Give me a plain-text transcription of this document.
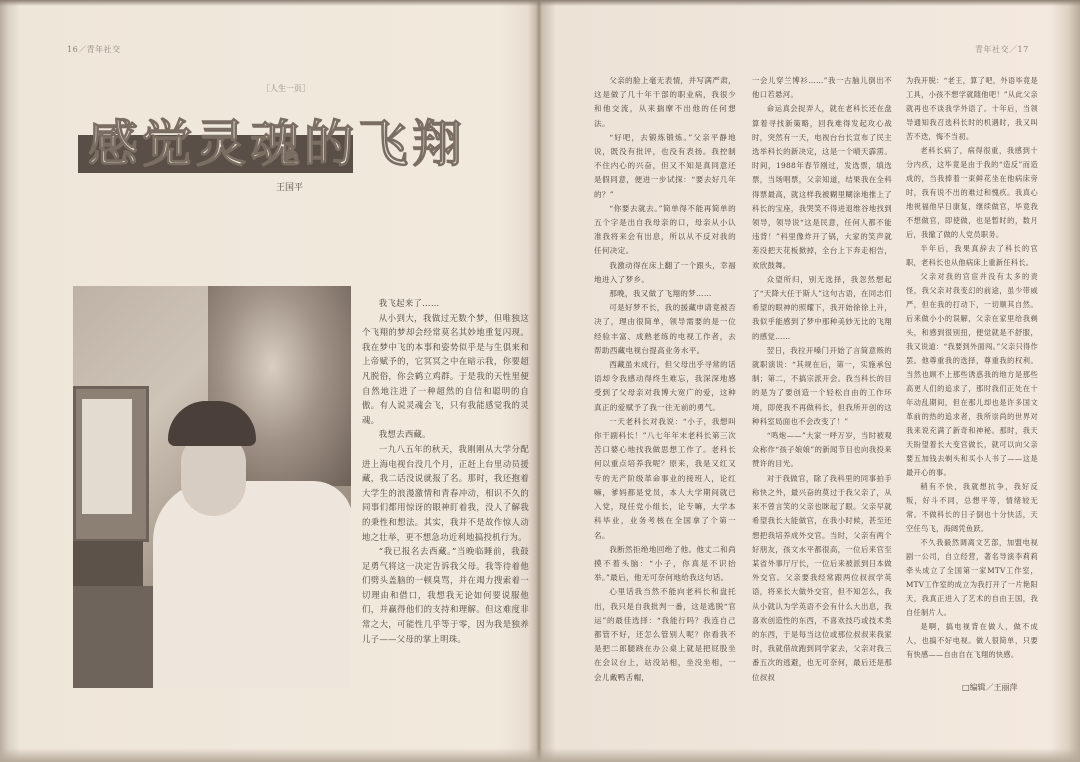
16／青年社交
［人生一页］
感觉灵魂的飞翔
王国平

我飞起来了……

从小到大，我做过无数个梦，但唯独这个飞翔的梦却会经常莫名其妙地重复闪现。我在梦中飞的本事和姿势似乎是与生俱来和上帝赋予的，它冥冥之中在暗示我，你要超凡脱俗，你会鹤立鸡群。于是我的天性里便自然地注进了一种超然的自信和聪明的自傲。有人说灵魂会飞，只有我能感觉我的灵魂。

我想去西藏。

一九八五年的秋天，我刚刚从大学分配进上海电视台没几个月，正赶上台里动员援藏，我二话没说就报了名。那时，我还抱着大学生的浪漫激情和青春冲动，相识不久的同事们都用惊讶的眼神盯着我，没人了解我的秉性和想法。其实，我并不是故作惊人动地之壮举，更不想急功近利地搞投机行为。

“我已报名去西藏。”当晚临睡前，我鼓足勇气将这一决定告诉我父母。我等待着他们劈头盖脑的一顿臭骂，并在竭力搜索着一切理由和借口，我想我无论如何要说服他们，并赢得他们的支持和理解。但这难度非常之大，可能性几乎等于零，因为我是独养儿子——父母的掌上明珠。

青年社交／17

父亲的脸上毫无表情，并写满严肃，这是做了几十年干部的职业病，我很少和他交流，从来揣摩不出他的任何想法。

“好吧，去锻炼锻炼。”父亲平静地说，既没有批评，也没有表扬。我控制不住内心的兴奋，但又不知是真同意还是假同意，便进一步试探：“要去好几年的？”

“你要去就去。”简单得不能再简单的五个字是出自我母亲的口，母亲从小认准我将来会有出息，所以从不反对我的任何决定。

我激动得在床上翻了一个跟头，幸福地进入了梦乡。

那晚，我又做了飞翔的梦……

可是好梦不长，我的援藏申请竟被否决了，理由很简单，领导需要的是一位经验丰富、成熟老练的电视工作者，去帮助西藏电视台提高业务水平。

西藏虽未成行，但父母出乎寻常的话语却令我感动得终生难忘，我深深地感受到了父母亲对我博大宽广的爱，这种真正的爱赋予了我一往无前的勇气。

一天老科长对我说：“小子，我想叫你干副科长！”八七年年末老科长第三次苦口婆心地找我做思想工作了。老科长何以重点培养我呢？原来，我是又红又专的无产阶级革命事业的接班人，论红嘛，爹妈都是党员，本人大学期间就已入党，现任党小组长，论专嘛，大学本科毕业，业务考核在全国拿了个第一名。

我断然拒绝地回绝了他。他丈二和尚摸不着头脑：“小子，你真是不识抬举。”最后，他无可奈何地给我这句话。

心里话我当然不能向老科长和盘托出，我只是自我批判一番，这是逃脱“官运”的最佳选择：“我能行吗？我连自己都管不好，还怎么管别人呢？你看我不是把二郎腿跷在办公桌上就是把屁股坐在会议台上，站没站相，坐没坐相，一会儿戴鸭舌帽，

一会儿穿兰博衫……”我一古脑儿倒出不他口若悬河。

命运真会捉弄人，就在老科长还在盘算着寻找新策略，回我难得发起攻心战时，突然有一天，电视台台长宣布了民主选举科长的新决定，这是一个晴天霹雳。时间，1988年春节刚过，发选票，填选票，当场唱票，父亲知道，结果我在全科得票最高，就这样我被糊里糊涂地推上了科长的宝座，我哭笑不得进退维谷地找到领导，领导说“这是民意，任何人都不能违背！”科里像炸开了锅，大家的笑声就差没把天花板掀掉，全台上下奔走相告，欢欣鼓舞。

众望所归，别无选择，我忽然想起了“天降大任于斯人”这句古语，在同志们希望的眼神的照耀下，我开始徐徐上升，我似乎能感到了梦中那种美妙无比的飞翔的感觉……

翌日，我拉开嗓门开始了言简意赅的就职演说：“其规在后，第一，实施承包制；第二，不搞宗派开会。我当科长的目的是为了要创造一个轻松自由的工作环境，即使我不再做科长，但我所开创的这种科室局面也不会改变了！”

“鸣炮——”大家一呼万岁，当时被观众称作“孩子娘娘”的新闻节目也向我投来赞许的目光。

对于我做官，除了我科里的同事拍手称快之外，最兴奋的莫过于我父亲了，从来不曾言笑的父亲也眯起了眼。父亲早就希望我长大能做官，在我小时候，甚至还想把我培养成外交官。当时，父亲有两个好朋友，孩文水平都很高，一位后来官至某省外事厅厅长，一位后来被派到日本做外交官。父亲要我经常跟两位叔叔学英语，将来长大做外交官，但不知怎么，我从小就认为学英语不会有什么大出息，我喜欢创造性的东西，不喜欢技巧或技术类的东西，于是每当这位或那位叔叔来我家时，我就借故跑到同学家去，父亲对我三番五次的逃避，也无可奈何，最后还是那位叔叔

为我开脱：“老王，算了吧，外语毕竟是工具，小孩不想学就随他吧！”从此父亲就再也不谈我学外语了。十年后，当领导通知我召选科长时的机遇时，我又叫苦不迭，悔不当初。

老科长病了，病得很重，我感到十分内疚，这毕竟是由于我的“造反”而造成的，当我捧着一束鲜花坐在他病床旁时，我有说不出的难过和愧疚。我真心地祝福他早日康复，继续做官，毕竟我不想做官，即使做，也是暂时的，数月后，我撤了做的人党员职务。

半年后，我果真辞去了科长的官职，老科长也从他病床上重新任科长。

父亲对我的官宦并没有太多的责怪，我父亲对我变幻的前途，虽少带威严，但在我的打动下，一切顺其自然。后来做小小的误解，父亲在家里给我剃头，和感到很别扭，便觉就是不舒服，我又说道：“我要到外面闯。”父亲只得作罢。他尊重我的选择，尊重我的权利。当然也顾不上那些诱惑我的地方是那些高更人们的追求了，那时我们正处在十年动乱期间，但在那儿却也是许多国文革前的热的追求者，我所崇尚的世界对我来说充满了新奇和神秘。那时，我天天盼望着长大变官做长，就可以向父亲要五加钱去剃头和买小人书了——这是最开心的事。

稍有不快，我就想抗争，我好反叛，好斗不同，总想平等，情绪较无常。不做科长的日子倒也十分快活，天空任鸟飞，海阔凭鱼跃。

不久我毅然调离文艺部，加盟电视剧一公司，自立经营，著名导演李莉莉牵头成立了全国第一家MTV工作室，MTV工作室的成立为我打开了一片艳阳天，我真正进入了艺术的自由王国，我自任制片人。

是啊，搞电视背在做人，做不成人，也搞不好电视。做人很简单，只要有快感——自由自在飞翔的快感。

□编辑／王丽萍
